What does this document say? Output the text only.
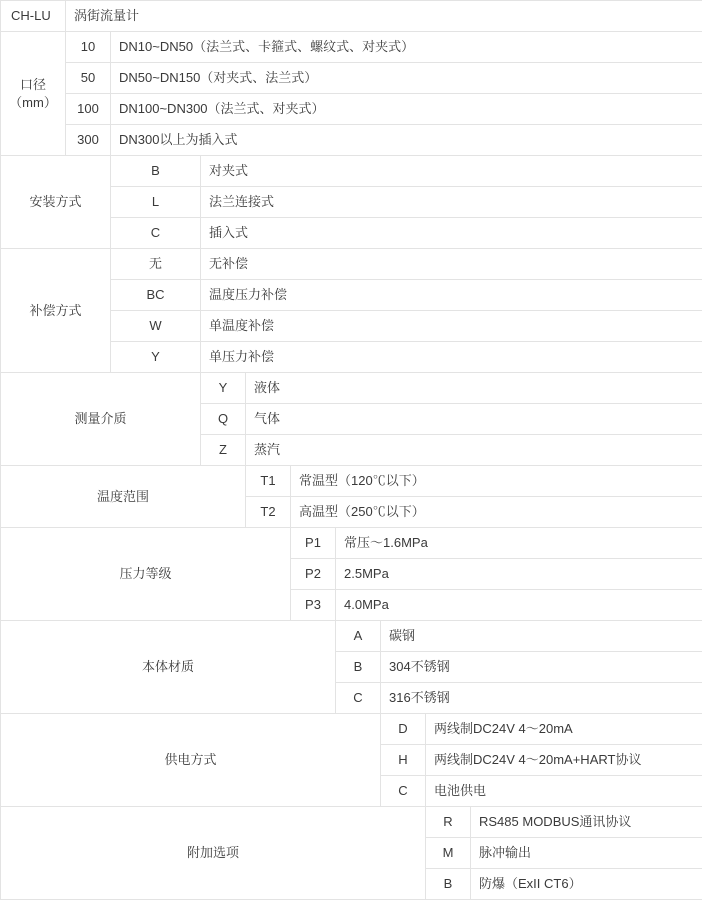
CH-LU	涡街流量计								

口径
（mm）	10	DN10~DN50（法兰式、卡箍式、螺纹式、对夹式）							
	50	DN50~DN150（对夹式、法兰式）							
	100	DN100~DN300（法兰式、对夹式）							
	300	DN300以上为插入式							
安装方式		B	对夹式						
		L	法兰连接式						
		C	插入式						
补偿方式		无	无补偿						
		BC	温度压力补偿						
		W	单温度补偿						
		Y	单压力补偿						
测量介质			Y	液体					
			Q	气体					
			Z	蒸汽					
温度范围				T1	常温型（120℃以下）				
				T2	高温型（250℃以下）				
压力等级					P1	常压～1.6MPa			
					P2	2.5MPa			
					P3	4.0MPa			
本体材质						A	碳钢		
						B	304不锈钢		
						C	316不锈钢		
供电方式							D	两线制DC24V 4～20mA	
							H	两线制DC24V 4～20mA+HART协议	
							C	电池供电	
附加选项								R	RS485 MODBUS通讯协议
								M	脉冲输出
								B	防爆（ExII CT6）
